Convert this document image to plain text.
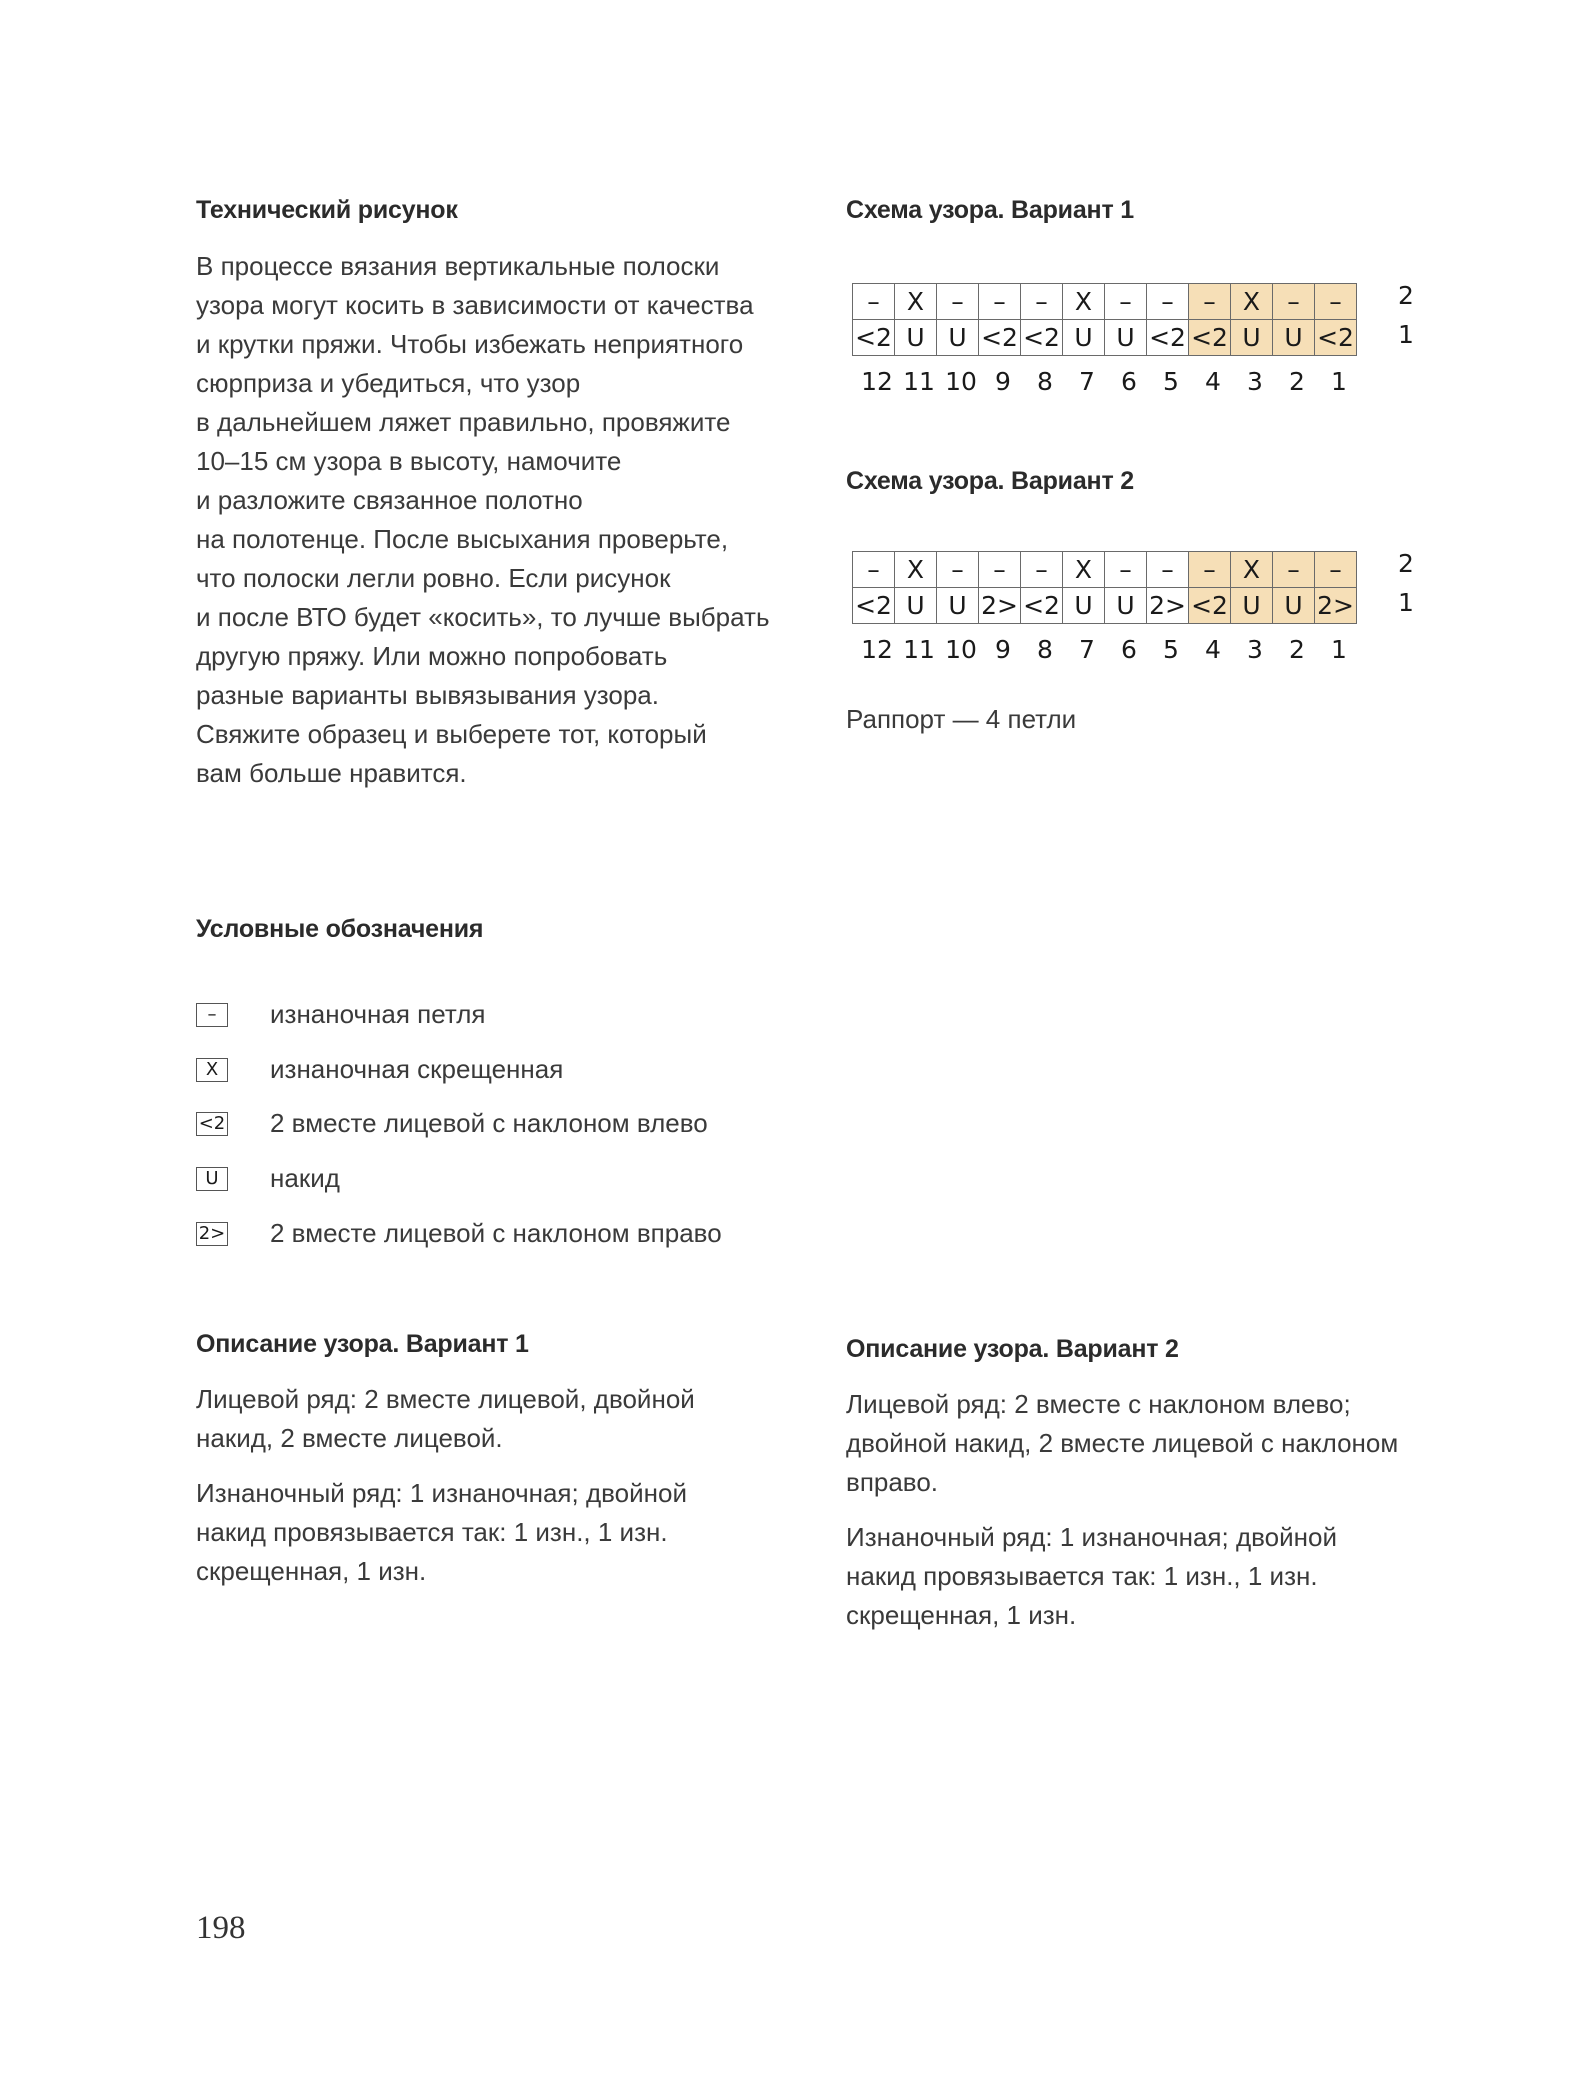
Технический рисунок
В процессе вязания вертикальные полоски
узора могут косить в зависимости от качества
и крутки пряжи. Чтобы избежать неприятного
сюрприза и убедиться, что узор
в дальнейшем ляжет правильно, провяжите
10–15 см узора в высоту, намочите
и разложите связанное полотно
на полотенце. После высыхания проверьте,
что полоски легли ровно. Если рисунок
и после ВТО будет «косить», то лучше выбрать
другую пряжу. Или можно попробовать
разные варианты вывязывания узора.
Свяжите образец и выберете тот, который
вам больше нравится.
Схема узора. Вариант 1
–	X	–	–	–	X	–	–	–	X	–	–
<2	U	U	<2	<2	U	U	<2	<2	U	U	<2
2
1
12 11 10 9	8	7	6	5	4	3	2	1
Схема узора. Вариант 2
–	X	–	–	–	X	–	–	–	X	–	–
<2	U	U	2>	<2	U	U	2>	<2	U	U	2>
2
1
12 11 10 9	8	7	6	5	4	3	2	1
Раппорт — 4 петли
Условные обозначения
–	изнаночная петля
X	изнаночная скрещенная
<2 2 вместе лицевой с наклоном влево
U	накид
2> 2 вместе лицевой с наклоном вправо
Описание узора. Вариант 1

Лицевой ряд: 2 вместе лицевой, двойной
накид, 2 вместе лицевой.

Изнаночный ряд: 1 изнаночная; двойной
накид провязывается так: 1 изн., 1 изн.
скрещенная, 1 изн.

Описание узора. Вариант 2

Лицевой ряд: 2 вместе с наклоном влево;
двойной накид, 2 вместе лицевой с наклоном
вправо.

Изнаночный ряд: 1 изнаночная; двойной
накид провязывается так: 1 изн., 1 изн.
скрещенная, 1 изн.

198
